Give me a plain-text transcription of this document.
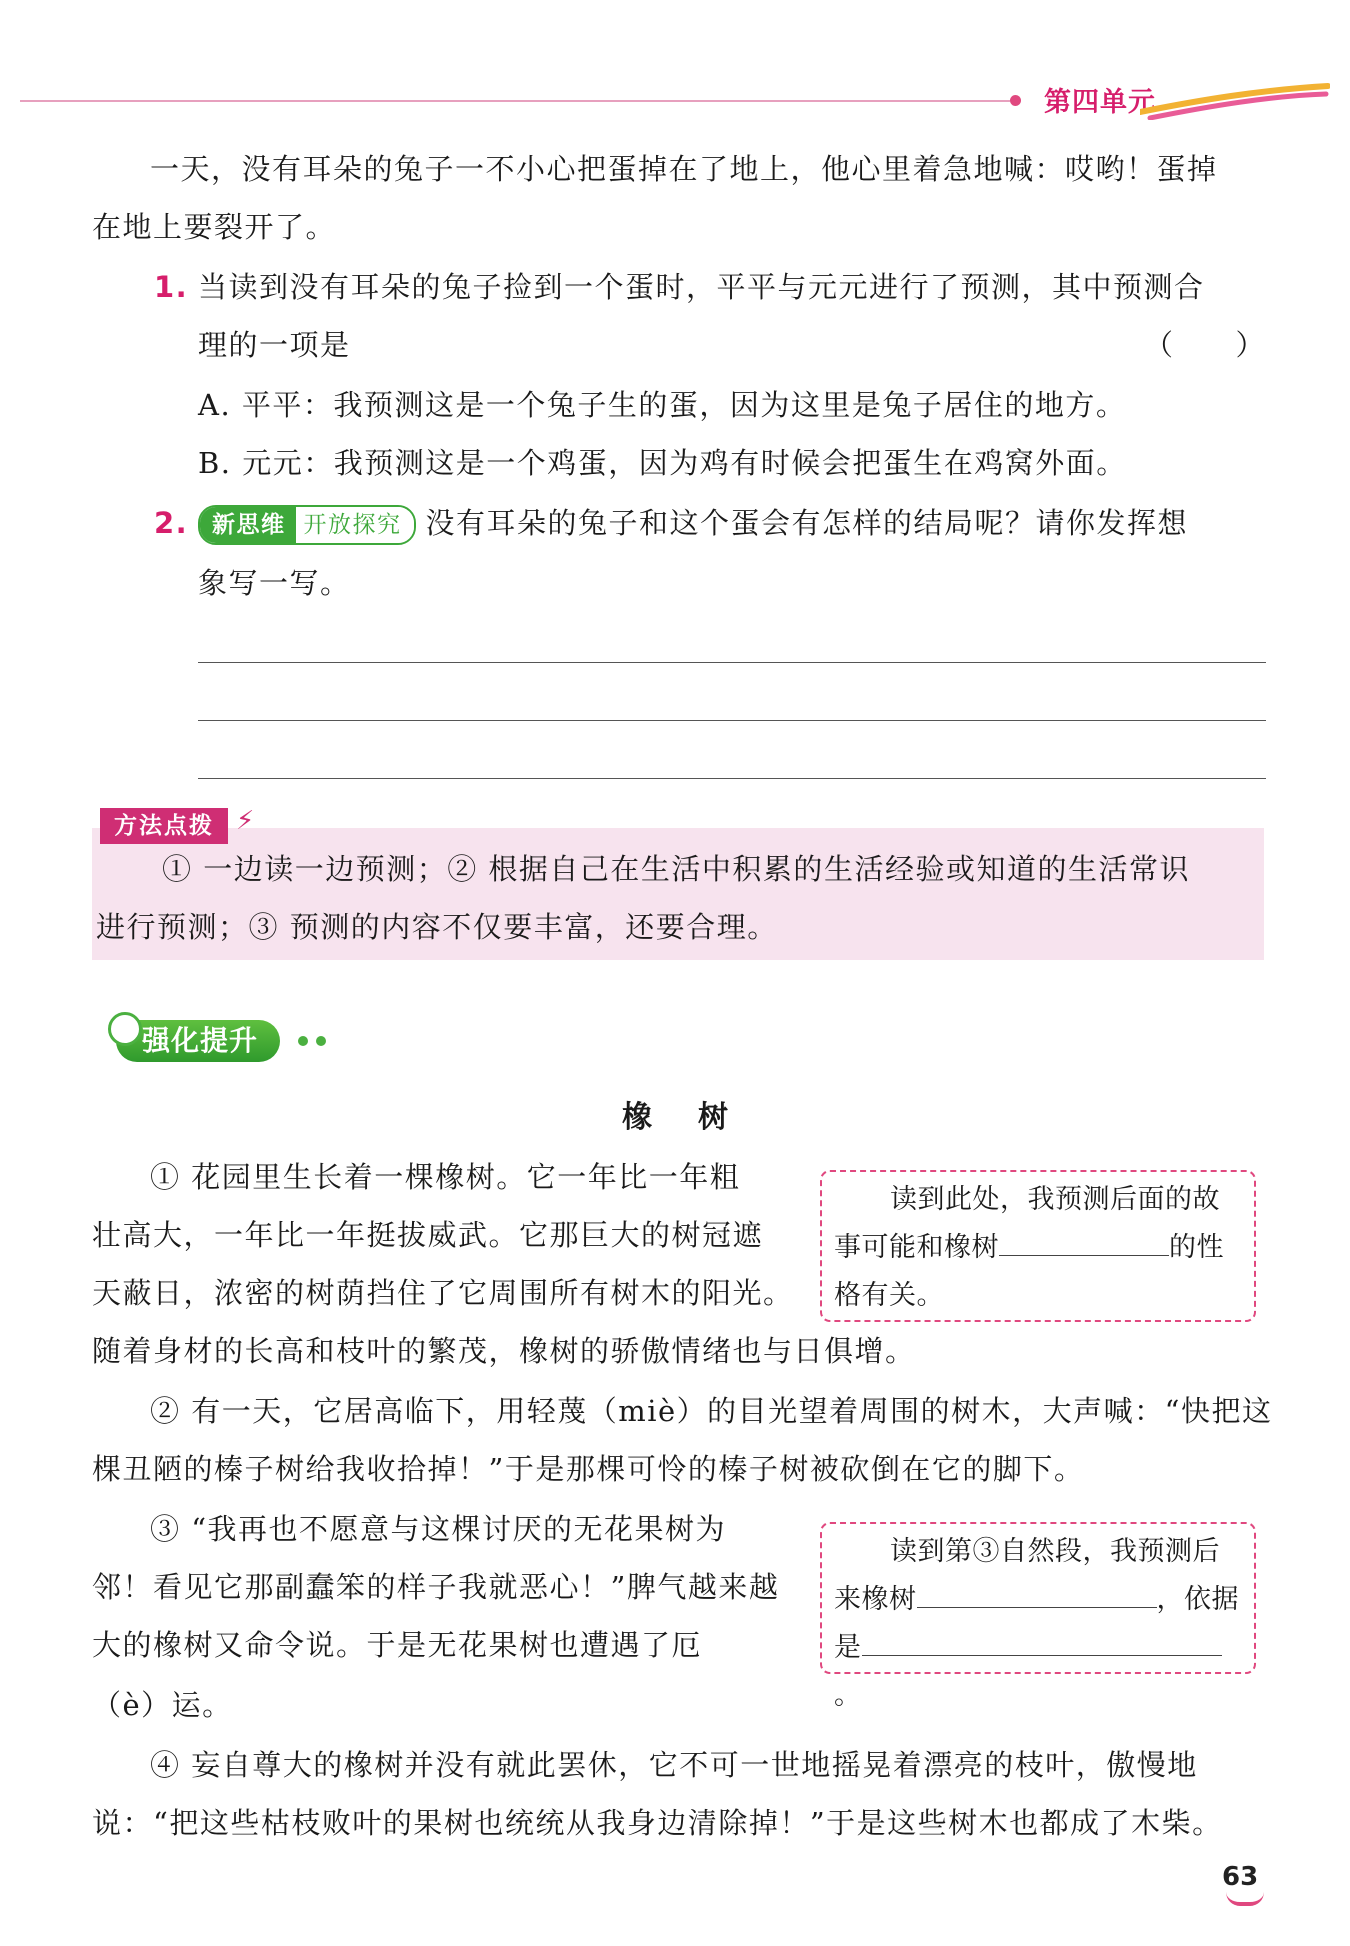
第四单元
一天，没有耳朵的兔子一不小心把蛋掉在了地上，他心里着急地喊：哎哟！蛋掉
在地上要裂开了。
1. 当读到没有耳朵的兔子捡到一个蛋时，平平与元元进行了预测，其中预测合
理的一项是	（　　）
A. 平平：我预测这是一个兔子生的蛋，因为这里是兔子居住的地方。
B. 元元：我预测这是一个鸡蛋，因为鸡有时候会把蛋生在鸡窝外面。
2.	新思维 开放探究 没有耳朵的兔子和这个蛋会有怎样的结局呢？请你发挥想
象写一写。
方法点拨 ⚡
① 一边读一边预测；② 根据自己在生活中积累的生活经验或知道的生活常识
进行预测；③ 预测的内容不仅要丰富，还要合理。
强化提升
橡树
① 花园里生长着一棵橡树。它一年比一年粗
壮高大，一年比一年挺拔威武。它那巨大的树冠遮
天蔽日，浓密的树荫挡住了它周围所有树木的阳光。
随着身材的长高和枝叶的繁茂，橡树的骄傲情绪也与日俱增。
读到此处，我预测后面的故
事可能和橡树	的性
格有关。
② 有一天，它居高临下，用轻蔑（miè）的目光望着周围的树木，大声喊：“快把这
棵丑陋的榛子树给我收拾掉！”于是那棵可怜的榛子树被砍倒在它的脚下。
③ “我再也不愿意与这棵讨厌的无花果树为
邻！看见它那副蠢笨的样子我就恶心！”脾气越来越
大的橡树又命令说。于是无花果树也遭遇了厄
（è）运。
读到第③自然段，我预测后
来橡树	，依据
是。
④ 妄自尊大的橡树并没有就此罢休，它不可一世地摇晃着漂亮的枝叶，傲慢地
说：“把这些枯枝败叶的果树也统统从我身边清除掉！”于是这些树木也都成了木柴。
63
